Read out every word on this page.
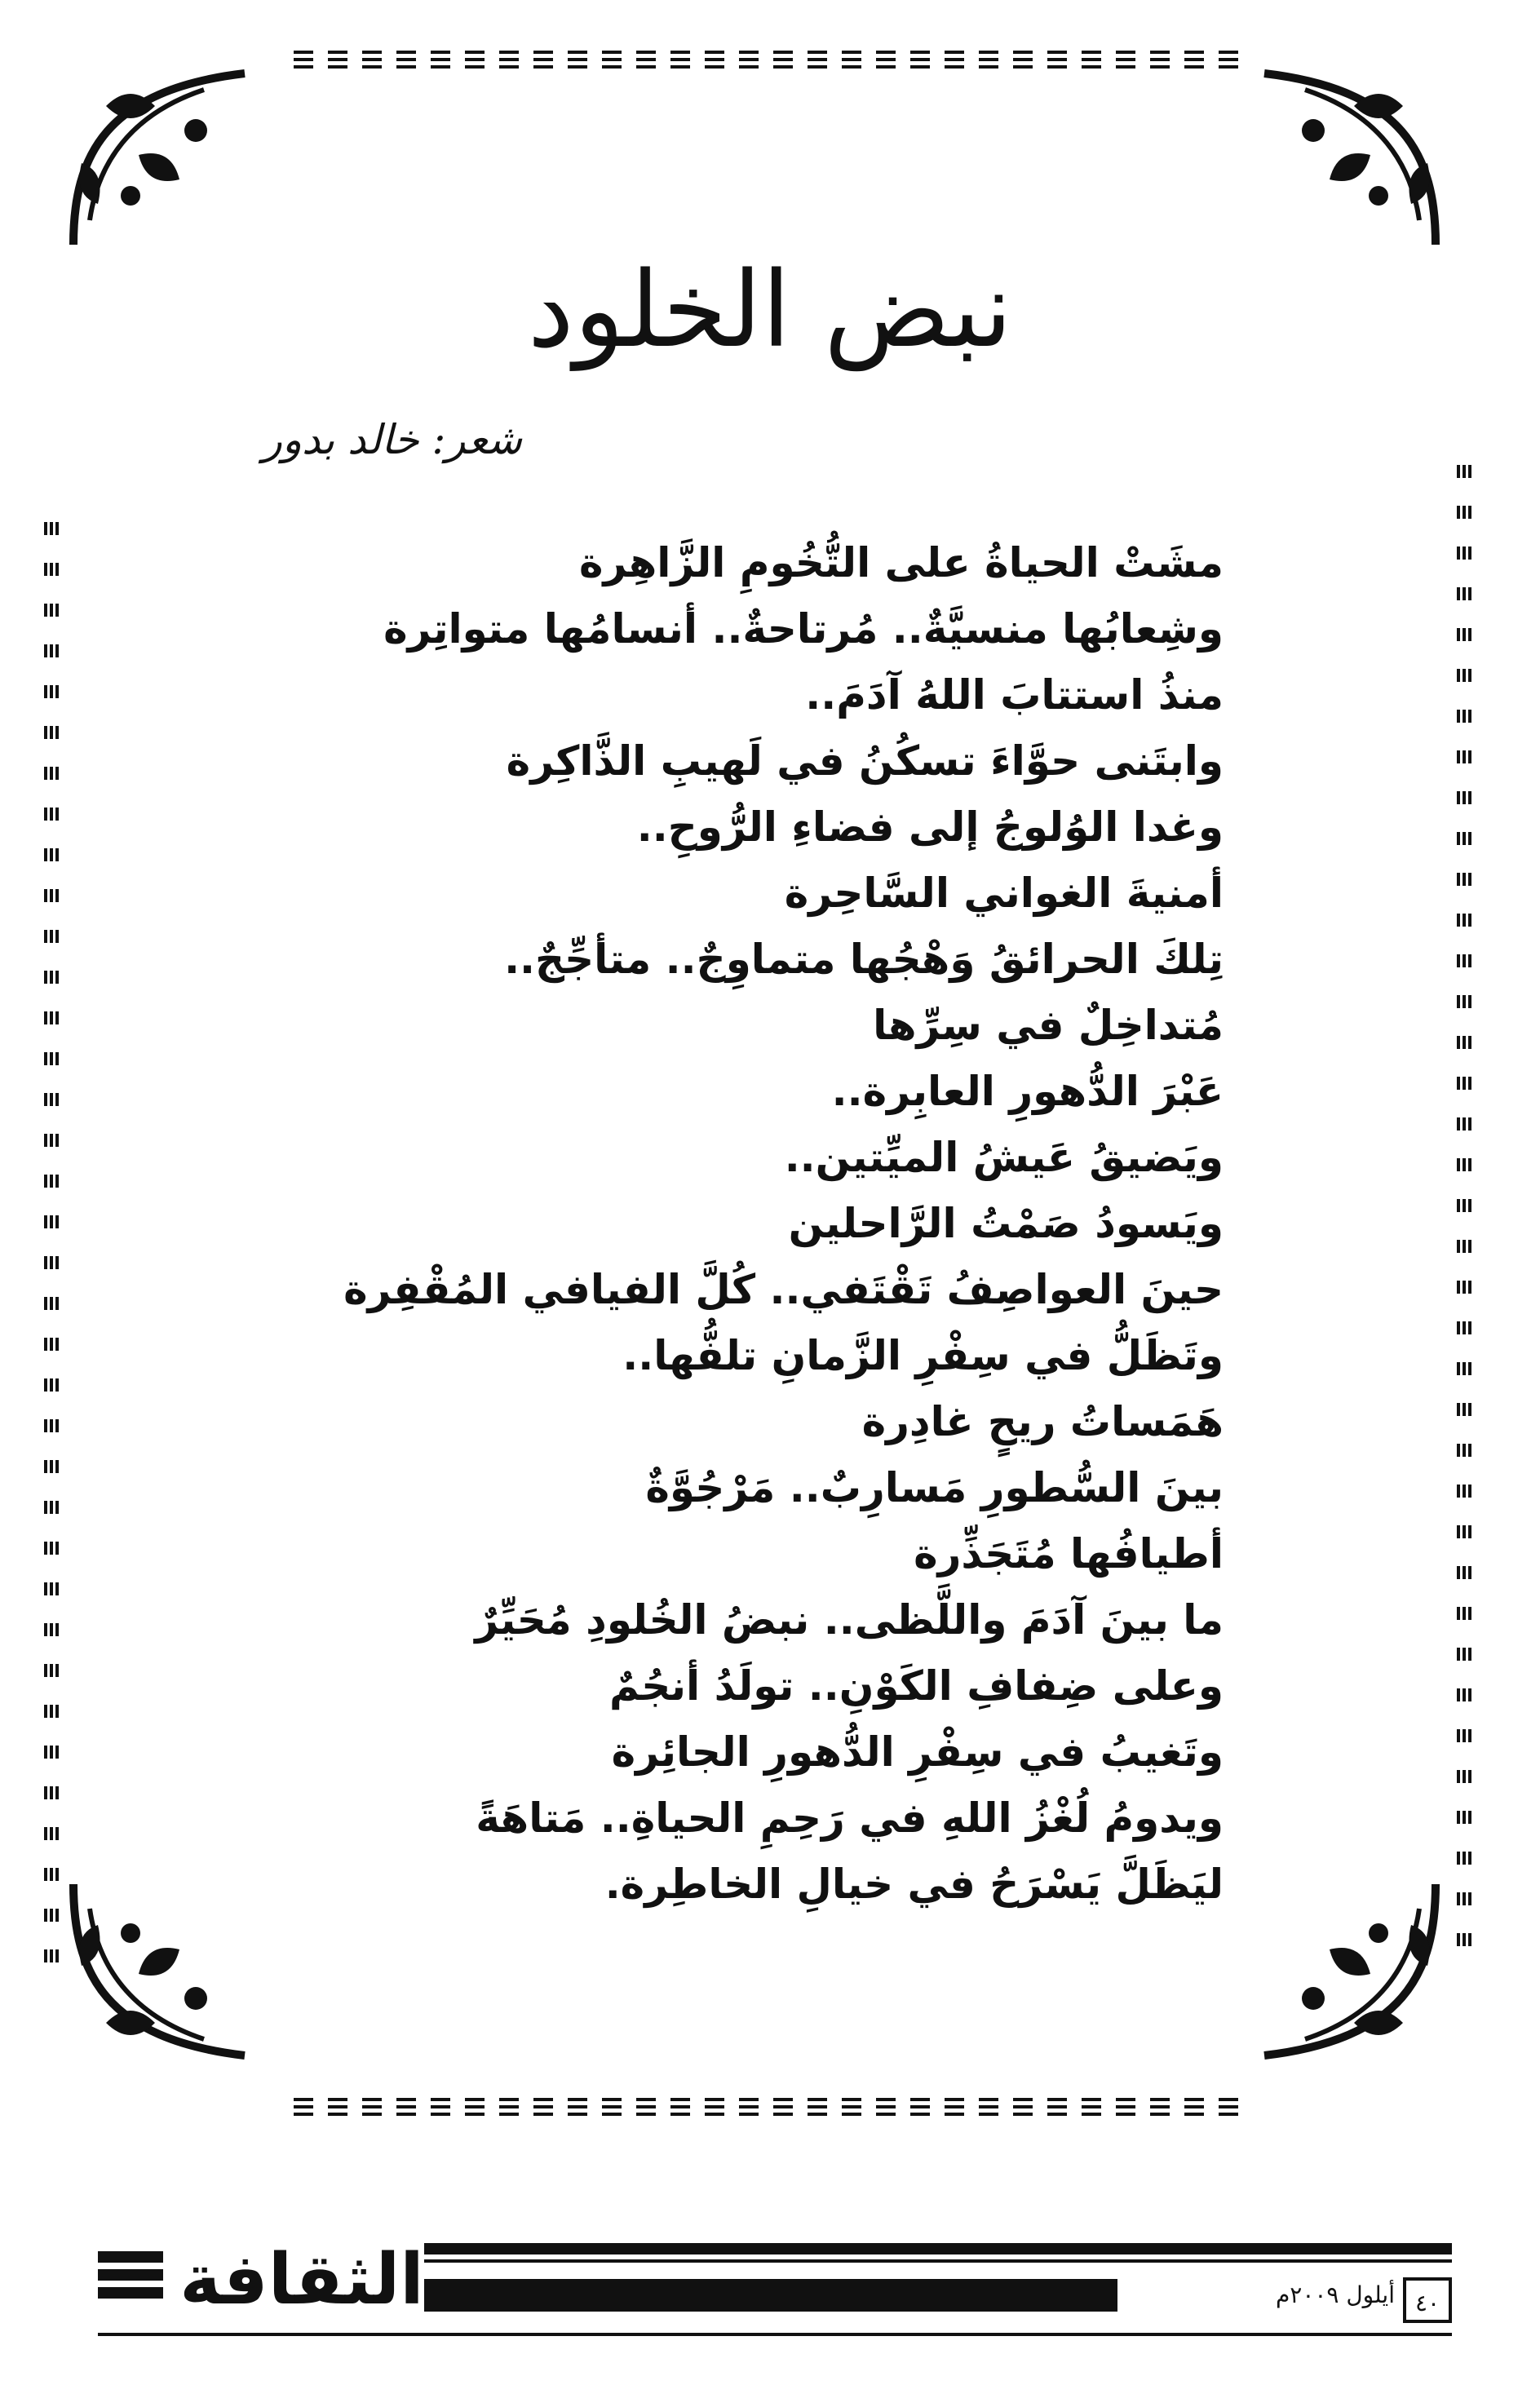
نبض الخلود
شعر: خالد بدور
مشَتْ الحياةُ على التُّخُومِ الزَّاهِرة
وشِعابُها منسيَّةٌ.. مُرتاحةٌ.. أنسامُها متواتِرة
منذُ استتابَ اللهُ آدَمَ..
وابتَنى حوَّاءَ تسكُنُ في لَهيبِ الذَّاكِرة
وغدا الوُلوجُ إلى فضاءِ الرُّوحِ..
أمنيةَ الغواني السَّاحِرة
تِلكَ الحرائقُ وَهْجُها متماوِجٌ.. متأجِّجٌ..
مُتداخِلٌ في سِرِّها
عَبْرَ الدُّهورِ العابِرة..
ويَضيقُ عَيشُ الميِّتين..
ويَسودُ صَمْتُ الرَّاحلين
حينَ العواصِفُ تَقْتَفي.. كُلَّ الفيافي المُقْفِرة
وتَظَلُّ في سِفْرِ الزَّمانِ تلفُّها..
هَمَساتُ ريحٍ غادِرة
بينَ السُّطورِ مَسارِبٌ.. مَرْجُوَّةٌ
أطيافُها مُتَجَذِّرة
ما بينَ آدَمَ واللَّظى.. نبضُ الخُلودِ مُحَيِّرٌ
وعلى ضِفافِ الكَوْنِ.. تولَدُ أنجُمٌ
وتَغيبُ في سِفْرِ الدُّهورِ الجائِرة
ويدومُ لُغْزُ اللهِ في رَحِمِ الحياةِ.. مَتاهَةً
ليَظَلَّ يَسْرَحُ في خيالِ الخاطِرة.
الثقافة	أيلول ٢٠٠٩م ٤٠
